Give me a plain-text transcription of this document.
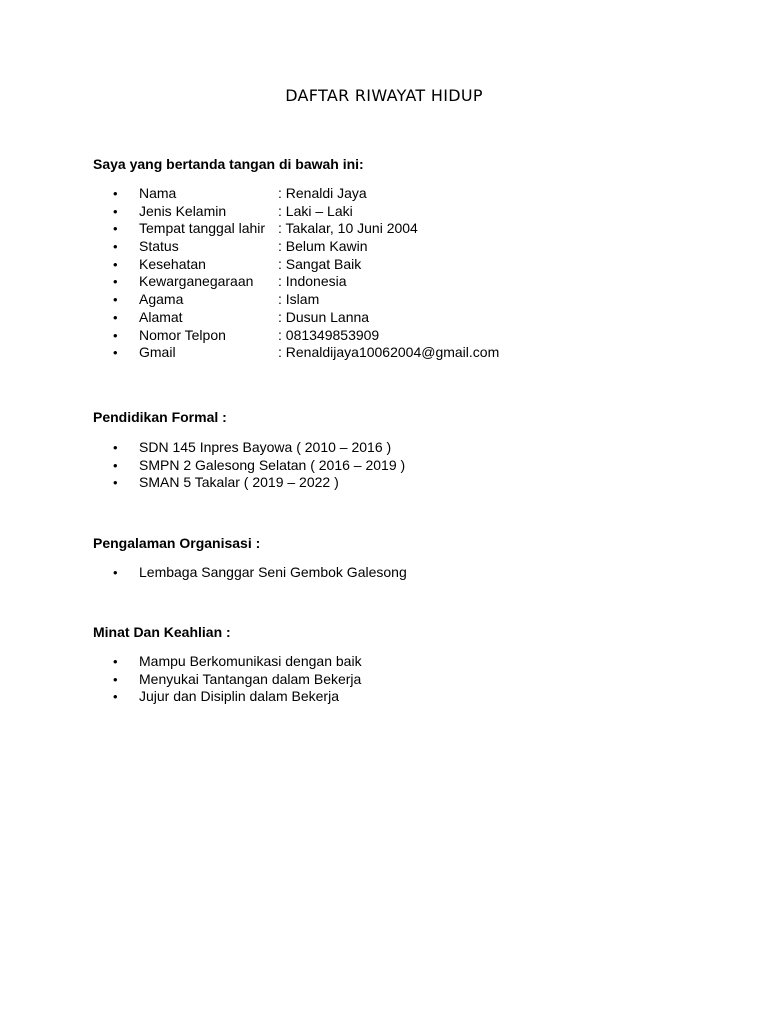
DAFTAR RIWAYAT HIDUP

Saya yang bertanda tangan di bawah ini:

•	Nama	: Renaldi Jaya
•	Jenis Kelamin	: Laki – Laki
•	Tempat tanggal lahir : Takalar, 10 Juni 2004
•	Status	: Belum Kawin
•	Kesehatan	: Sangat Baik
•	Kewarganegaraan	: Indonesia
•	Agama	: Islam
•	Alamat	: Dusun Lanna
•	Nomor Telpon	: 081349853909
•	Gmail	: Renaldijaya10062004@gmail.com

Pendidikan Formal :

•	SDN 145 Inpres Bayowa ( 2010 – 2016 )
•	SMPN 2 Galesong Selatan ( 2016 – 2019 )
•	SMAN 5 Takalar ( 2019 – 2022 )

Pengalaman Organisasi :

•	Lembaga Sanggar Seni Gembok Galesong

Minat Dan Keahlian :

•	Mampu Berkomunikasi dengan baik
•	Menyukai Tantangan dalam Bekerja
•	Jujur dan Disiplin dalam Bekerja
